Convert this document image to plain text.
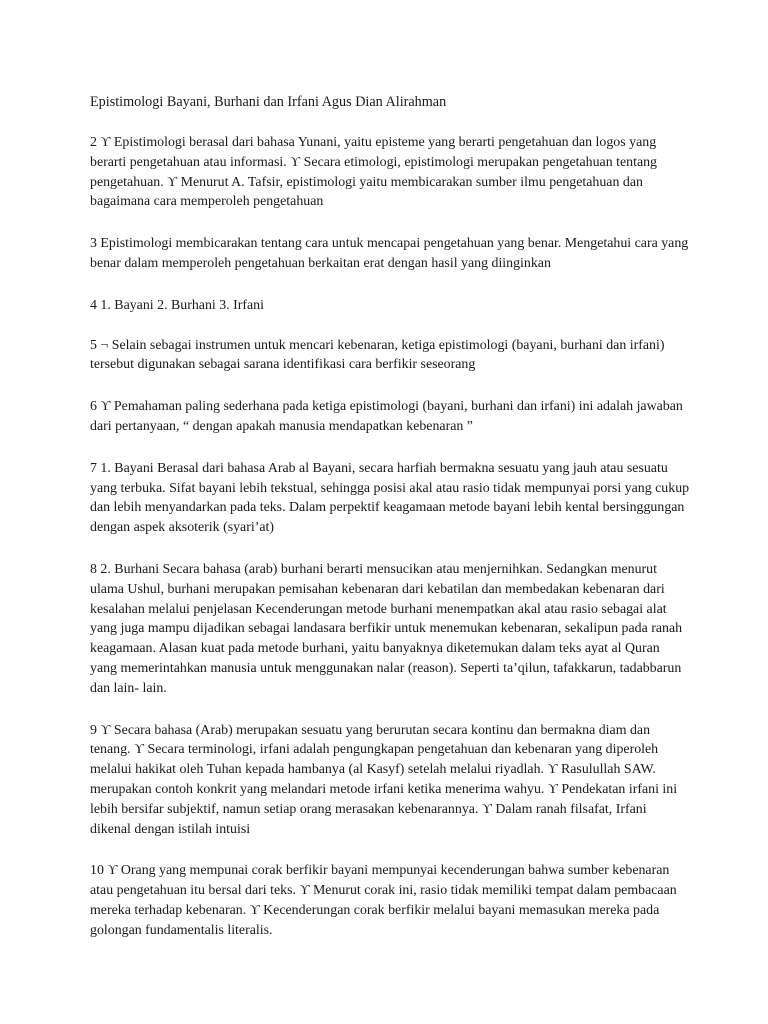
Epistimologi Bayani, Burhani dan Irfani Agus Dian Alirahman

2 ϒ Epistimologi berasal dari bahasa Yunani, yaitu episteme yang berarti pengetahuan dan logos yang berarti pengetahuan atau informasi. ϒ Secara etimologi, epistimologi merupakan pengetahuan tentang pengetahuan. ϒ Menurut A. Tafsir, epistimologi yaitu membicarakan sumber ilmu pengetahuan dan bagaimana cara memperoleh pengetahuan

3 Epistimologi membicarakan tentang cara untuk mencapai pengetahuan yang benar. Mengetahui cara yang benar dalam memperoleh pengetahuan berkaitan erat dengan hasil yang diinginkan

4 1. Bayani 2. Burhani 3. Irfani

5 ¬ Selain sebagai instrumen untuk mencari kebenaran, ketiga epistimologi (bayani, burhani dan irfani) tersebut digunakan sebagai sarana identifikasi cara berfikir seseorang

6 ϒ Pemahaman paling sederhana pada ketiga epistimologi (bayani, burhani dan irfani) ini adalah jawaban dari pertanyaan, “ dengan apakah manusia mendapatkan kebenaran ”

7 1. Bayani Berasal dari bahasa Arab al Bayani, secara harfiah bermakna sesuatu yang jauh atau sesuatu yang terbuka. Sifat bayani lebih tekstual, sehingga posisi akal atau rasio tidak mempunyai porsi yang cukup dan lebih menyandarkan pada teks. Dalam perpektif keagamaan metode bayani lebih kental bersinggungan dengan aspek aksoterik (syari’at)

8 2. Burhani Secara bahasa (arab) burhani berarti mensucikan atau menjernihkan. Sedangkan menurut ulama Ushul, burhani merupakan pemisahan kebenaran dari kebatilan dan membedakan kebenaran dari kesalahan melalui penjelasan Kecenderungan metode burhani menempatkan akal atau rasio sebagai alat yang juga mampu dijadikan sebagai landasara berfikir untuk menemukan kebenaran, sekalipun pada ranah keagamaan. Alasan kuat pada metode burhani, yaitu banyaknya diketemukan dalam teks ayat al Quran yang memerintahkan manusia untuk menggunakan nalar (reason). Seperti ta’qilun, tafakkarun, tadabbarun dan lain- lain.

9 ϒ Secara bahasa (Arab) merupakan sesuatu yang berurutan secara kontinu dan bermakna diam dan tenang. ϒ Secara terminologi, irfani adalah pengungkapan pengetahuan dan kebenaran yang diperoleh melalui hakikat oleh Tuhan kepada hambanya (al Kasyf) setelah melalui riyadlah. ϒ Rasulullah SAW. merupakan contoh konkrit yang melandari metode irfani ketika menerima wahyu. ϒ Pendekatan irfani ini lebih bersifar subjektif, namun setiap orang merasakan kebenarannya. ϒ Dalam ranah filsafat, Irfani dikenal dengan istilah intuisi

10 ϒ Orang yang mempunai corak berfikir bayani mempunyai kecenderungan bahwa sumber kebenaran atau pengetahuan itu bersal dari teks. ϒ Menurut corak ini, rasio tidak memiliki tempat dalam pembacaan mereka terhadap kebenaran. ϒ Kecenderungan corak berfikir melalui bayani memasukan mereka pada golongan fundamentalis literalis.
